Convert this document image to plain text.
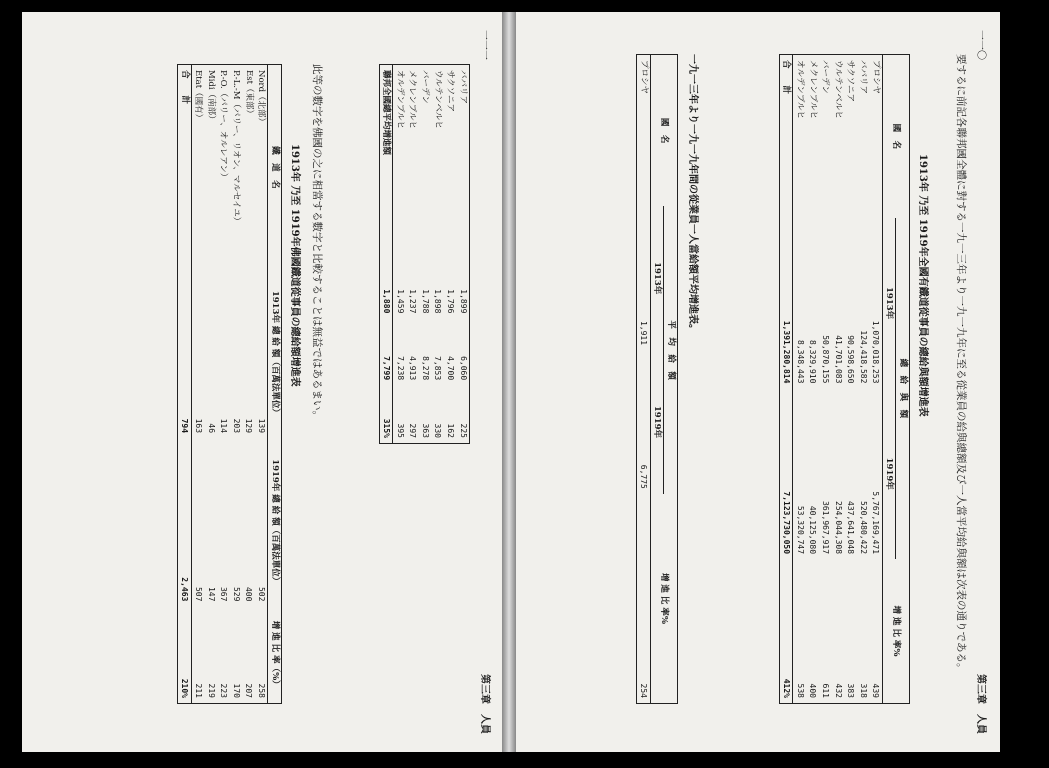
一一一
第三章　人員
ババリア	1,899	6,060	225
サクソニア	1,796	4,700	162
ウルテンベルヒ	1,898	7,853	330
バーデン	1,788	8,278	363
メクレンブルヒ	1,237	4,913	297
オルデンブルヒ	1,459	7,238	395
聯邦全國總平均增進額	1,880	7,799	315%
此等の數字を佛國の之に相當する數字と比較することは無益ではあるまい。
1913年 乃至 1919年佛國鐵道從事員の總給額增進表
鐵　道　名	1913年 總 給 額（百萬法單位）	1919年 總 給 額（百萬法單位）	增 進 比 率（%）
Nord（北部）	139	502	258
Est（東部）	129	400	207
P.-L.-M（パリー、リオン、マルセイユ）	203	529	170
P.-O.（パリー、オルレアン）	114	367	223
Midi（南部）	46	147	219
Etat（國有）	163	507	211
合　　計	794	2,463	210%
一一〇
第三章　人員
要するに前記各聯邦國全體に對する一九一三年より一九一九年に至る從業員の給與總額及び一人當平均給與額は次表の通りである。
1913年 乃至 1919年全國有鐵道從事員の總給與額增進表
國　名	總　給　與　額		增 進 比 率%
	1913年	1919年	
プロシヤ	1,070,018,253	5,767,169,471	439
ババリア	124,418,582	520,480,422	318
サクソニア	90,598,650	437,641,048	383
ウルテンベルヒ	41,701,083	254,044,308	432
バーデン	50,870,155	361,967,917	611
メクレンブルヒ	8,329,910	40,125,080	400
オルデンブルヒ	8,348,443	53,320,747	538
合　　計	1,391,280,814	7,123,730,050	412%
一九一三年より一九一九年間の從業員一人當給額平均增進表。
國　名	平　均　給　額		增 進 比 率%
	1913年	1919年	
プロシヤ	1,911	6,775	254
